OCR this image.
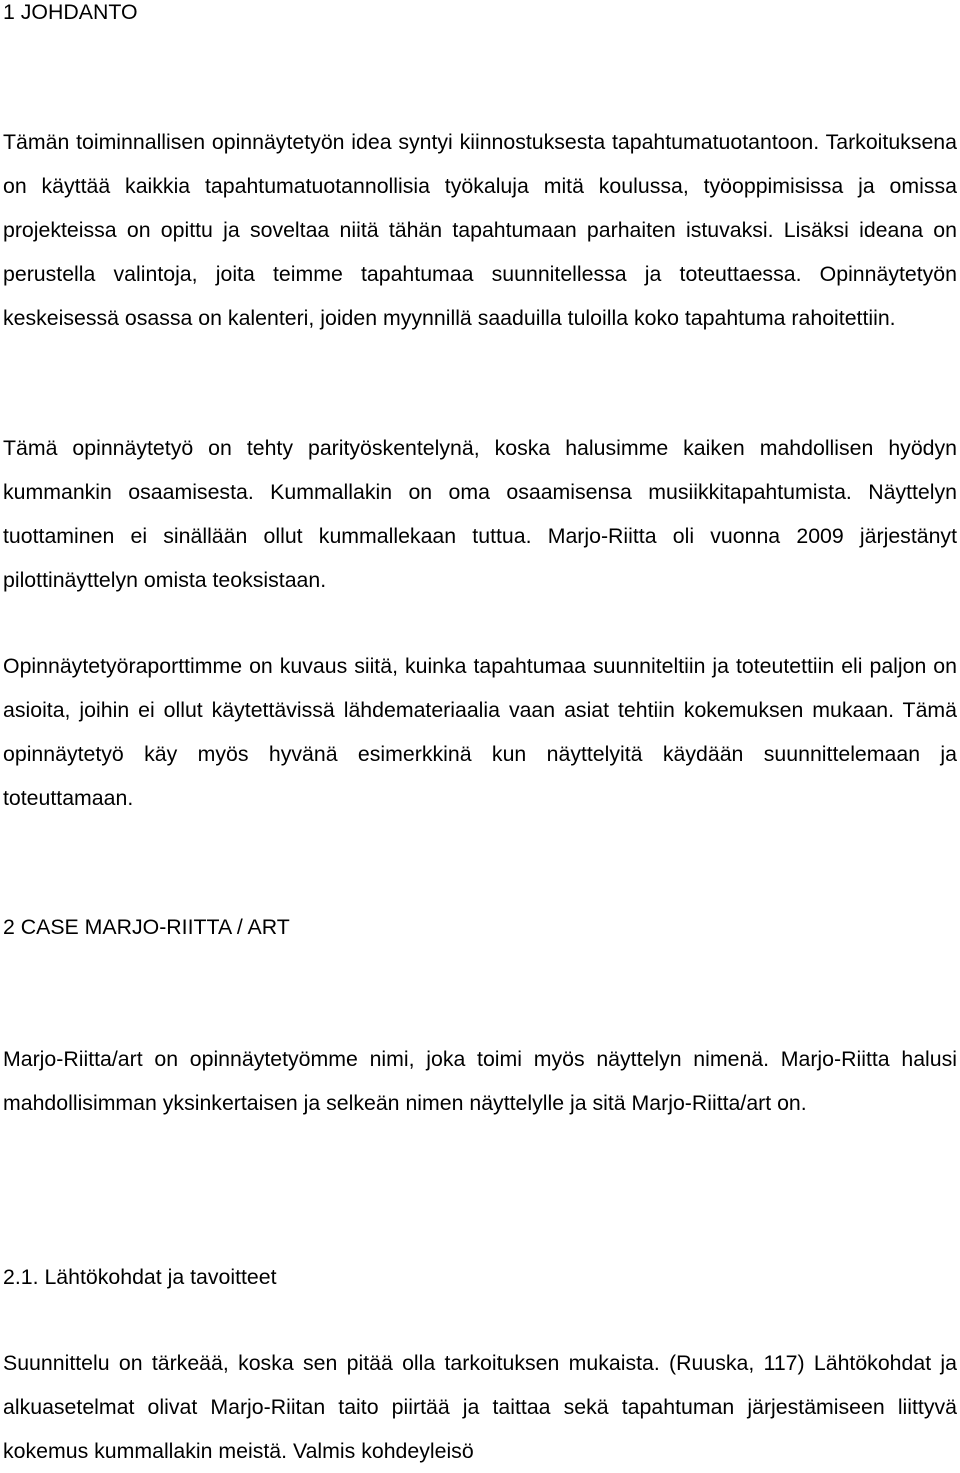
1 JOHDANTO

Tämän toiminnallisen opinnäytetyön idea syntyi kiinnostuksesta tapahtumatuotantoon. Tarkoituksena on käyttää kaikkia tapahtumatuotannollisia työkaluja mitä koulussa, työoppimisissa ja omissa projekteissa on opittu ja soveltaa niitä tähän tapahtumaan parhaiten istuvaksi. Lisäksi ideana on perustella valintoja, joita teimme tapahtumaa suunnitellessa ja toteuttaessa. Opinnäytetyön keskeisessä osassa on kalenteri, joiden myynnillä saaduilla tuloilla koko tapahtuma rahoitettiin.

Tämä opinnäytetyö on tehty parityöskentelynä, koska halusimme kaiken mahdollisen hyödyn kummankin osaamisesta. Kummallakin on oma osaamisensa musiikkitapahtumista. Näyttelyn tuottaminen ei sinällään ollut kummallekaan tuttua. Marjo-Riitta oli vuonna 2009 järjestänyt pilottinäyttelyn omista teoksistaan.

Opinnäytetyöraporttimme on kuvaus siitä, kuinka tapahtumaa suunniteltiin ja toteutettiin eli paljon on asioita, joihin ei ollut käytettävissä lähdemateriaalia vaan asiat tehtiin kokemuksen mukaan. Tämä opinnäytetyö käy myös hyvänä esimerkkinä kun näyttelyitä käydään suunnittelemaan ja toteuttamaan.

2 CASE MARJO-RIITTA / ART

Marjo-Riitta/art on opinnäytetyömme nimi, joka toimi myös näyttelyn nimenä. Marjo-Riitta halusi mahdollisimman yksinkertaisen ja selkeän nimen näyttelylle ja sitä Marjo-Riitta/art on.

2.1. Lähtökohdat ja tavoitteet

Suunnittelu on tärkeää, koska sen pitää olla tarkoituksen mukaista. (Ruuska, 117) Lähtökohdat ja alkuasetelmat olivat Marjo-Riitan taito piirtää ja taittaa sekä tapahtuman järjestämiseen liittyvä kokemus kummallakin meistä. Valmis kohdeyleisö
